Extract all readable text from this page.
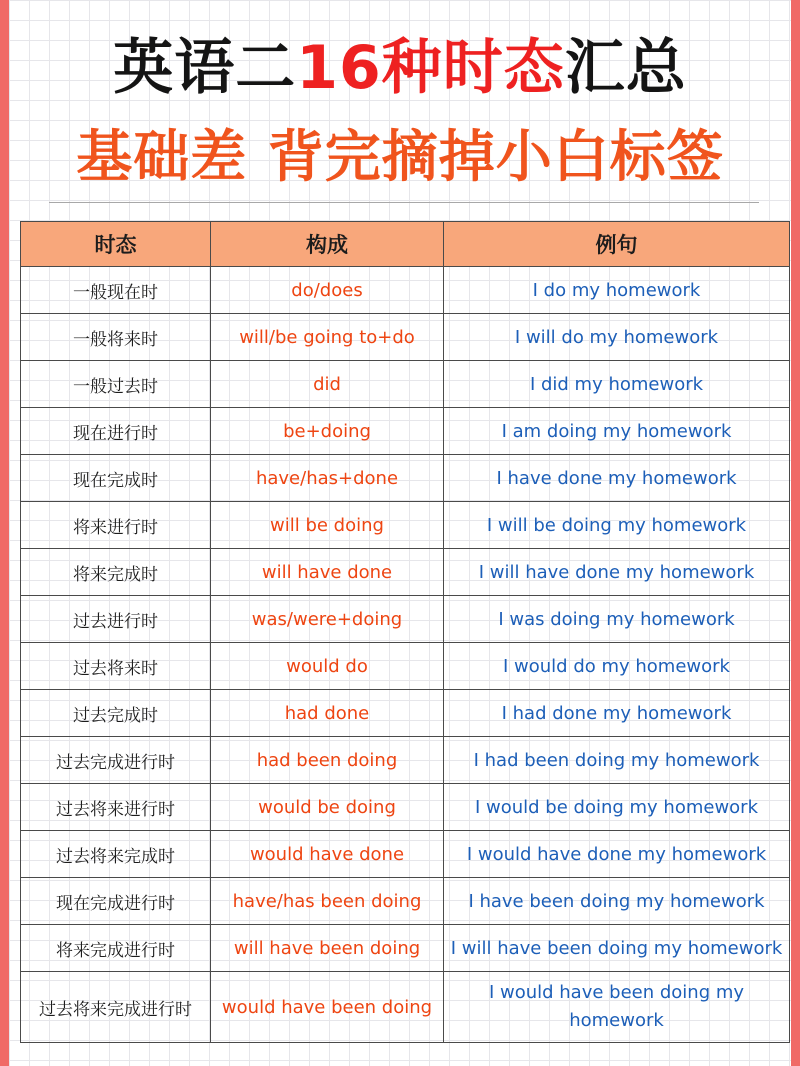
英语二16种时态汇总
基础差 背完摘掉小白标签
时态	构成	例句
一般现在时	do/does	I do my homework
一般将来时	will/be going to+do	I will do my homework
一般过去时	did	I did my homework
现在进行时	be+doing	I am doing my homework
现在完成时	have/has+done	I have done my homework
将来进行时	will be doing	I will be doing my homework
将来完成时	will have done	I will have done my homework
过去进行时	was/were+doing	I was doing my homework
过去将来时	would do	I would do my homework
过去完成时	had done	I had done my homework
过去完成进行时	had been doing	I had been doing my homework
过去将来进行时	would be doing	I would be doing my homework
过去将来完成时	would have done	I would have done my homework
现在完成进行时	have/has been doing	I have been doing my homework
将来完成进行时	will have been doing	I will have been doing my homework
过去将来完成进行时	would have been doing	I would have been doing my homework
